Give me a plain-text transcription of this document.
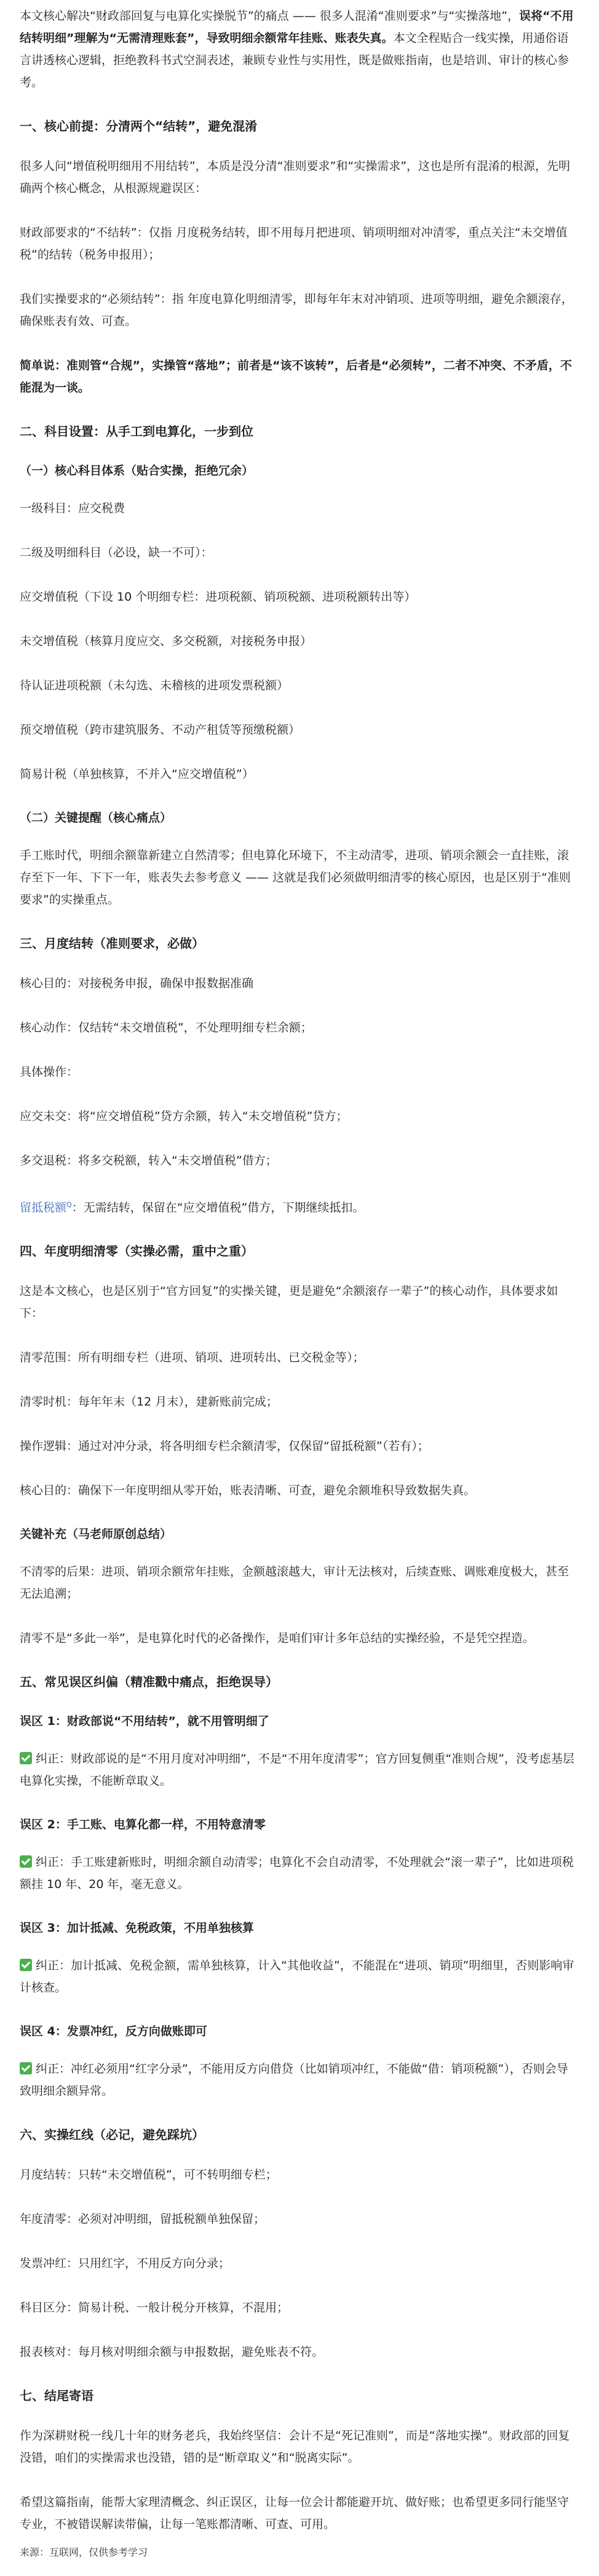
本文核心解决“财政部回复与电算化实操脱节”的痛点 —— 很多人混淆“准则要求”与“实操落地”，误将“不用结转明细”理解为“无需清理账套”，导致明细余额常年挂账、账表失真。本文全程贴合一线实操，用通俗语言讲透核心逻辑，拒绝教科书式空洞表述，兼顾专业性与实用性，既是做账指南，也是培训、审计的核心参考。

一、核心前提：分清两个“结转”，避免混淆

很多人问“增值税明细用不用结转”，本质是没分清“准则要求”和“实操需求”，这也是所有混淆的根源，先明确两个核心概念，从根源规避误区：

财政部要求的“不结转”：仅指 月度税务结转，即不用每月把进项、销项明细对冲清零，重点关注“未交增值税”的结转（税务申报用）；

我们实操要求的“必须结转”：指 年度电算化明细清零，即每年年末对冲销项、进项等明细，避免余额滚存，确保账表有效、可查。

简单说：准则管“合规”，实操管“落地”；前者是“该不该转”，后者是“必须转”，二者不冲突、不矛盾，不能混为一谈。

二、科目设置：从手工到电算化，一步到位
（一）核心科目体系（贴合实操，拒绝冗余）

一级科目：应交税费

二级及明细科目（必设，缺一不可）：

应交增值税（下设 10 个明细专栏：进项税额、销项税额、进项税额转出等）

未交增值税（核算月度应交、多交税额，对接税务申报）

待认证进项税额（未勾选、未稽核的进项发票税额）

预交增值税（跨市建筑服务、不动产租赁等预缴税额）

简易计税（单独核算，不并入“应交增值税”）

（二）关键提醒（核心痛点）

手工账时代，明细余额靠新建立自然清零；但电算化环境下，不主动清零，进项、销项余额会一直挂账，滚存至下一年、下下一年，账表失去参考意义 —— 这就是我们必须做明细清零的核心原因，也是区别于“准则要求”的实操重点。

三、月度结转（准则要求，必做）

核心目的：对接税务申报，确保申报数据准确

核心动作：仅结转“未交增值税”，不处理明细专栏余额；

具体操作：

应交未交：将“应交增值税”贷方余额，转入“未交增值税”贷方；

多交退税：将多交税额，转入“未交增值税”借方；

留抵税额$^Q$：无需结转，保留在“应交增值税”借方，下期继续抵扣。

四、年度明细清零（实操必需，重中之重）

这是本文核心，也是区别于“官方回复”的实操关键，更是避免“余额滚存一辈子”的核心动作，具体要求如下：

清零范围：所有明细专栏（进项、销项、进项转出、已交税金等）；

清零时机：每年年末（12 月末），建新账前完成；

操作逻辑：通过对冲分录，将各明细专栏余额清零，仅保留“留抵税额”（若有）；

核心目的：确保下一年度明细从零开始，账表清晰、可查，避免余额堆积导致数据失真。

关键补充（马老师原创总结）

不清零的后果：进项、销项余额常年挂账，金额越滚越大，审计无法核对，后续查账、调账难度极大，甚至无法追溯；

清零不是“多此一举”，是电算化时代的必备操作，是咱们审计多年总结的实操经验，不是凭空捏造。

五、常见误区纠偏（精准戳中痛点，拒绝误导）
误区 1：财政部说“不用结转”，就不用管明细了

纠正：财政部说的是“不用月度对冲明细”，不是“不用年度清零”；官方回复侧重“准则合规”，没考虑基层电算化实操，不能断章取义。

误区 2：手工账、电算化都一样，不用特意清零

纠正：手工账建新账时，明细余额自动清零；电算化不会自动清零，不处理就会“滚一辈子”，比如进项税额挂 10 年、20 年，毫无意义。

误区 3：加计抵减、免税政策，不用单独核算

纠正：加计抵减、免税金额，需单独核算，计入“其他收益”，不能混在“进项、销项”明细里，否则影响审计核查。

误区 4：发票冲红，反方向做账即可

纠正：冲红必须用“红字分录”，不能用反方向借贷（比如销项冲红，不能做“借：销项税额”），否则会导致明细余额异常。

六、实操红线（必记，避免踩坑）

月度结转：只转“未交增值税”，可不转明细专栏；

年度清零：必须对冲明细，留抵税额单独保留；

发票冲红：只用红字，不用反方向分录；

科目区分：简易计税、一般计税分开核算，不混用；

报表核对：每月核对明细余额与申报数据，避免账表不符。

七、结尾寄语

作为深耕财税一线几十年的财务老兵，我始终坚信：会计不是“死记准则”，而是“落地实操”。财政部的回复没错，咱们的实操需求也没错，错的是“断章取义”和“脱离实际”。

希望这篇指南，能帮大家理清概念、纠正误区，让每一位会计都能避开坑、做好账；也希望更多同行能坚守专业，不被错误解读带偏，让每一笔账都清晰、可查、可用。

来源：互联网，仅供参考学习
